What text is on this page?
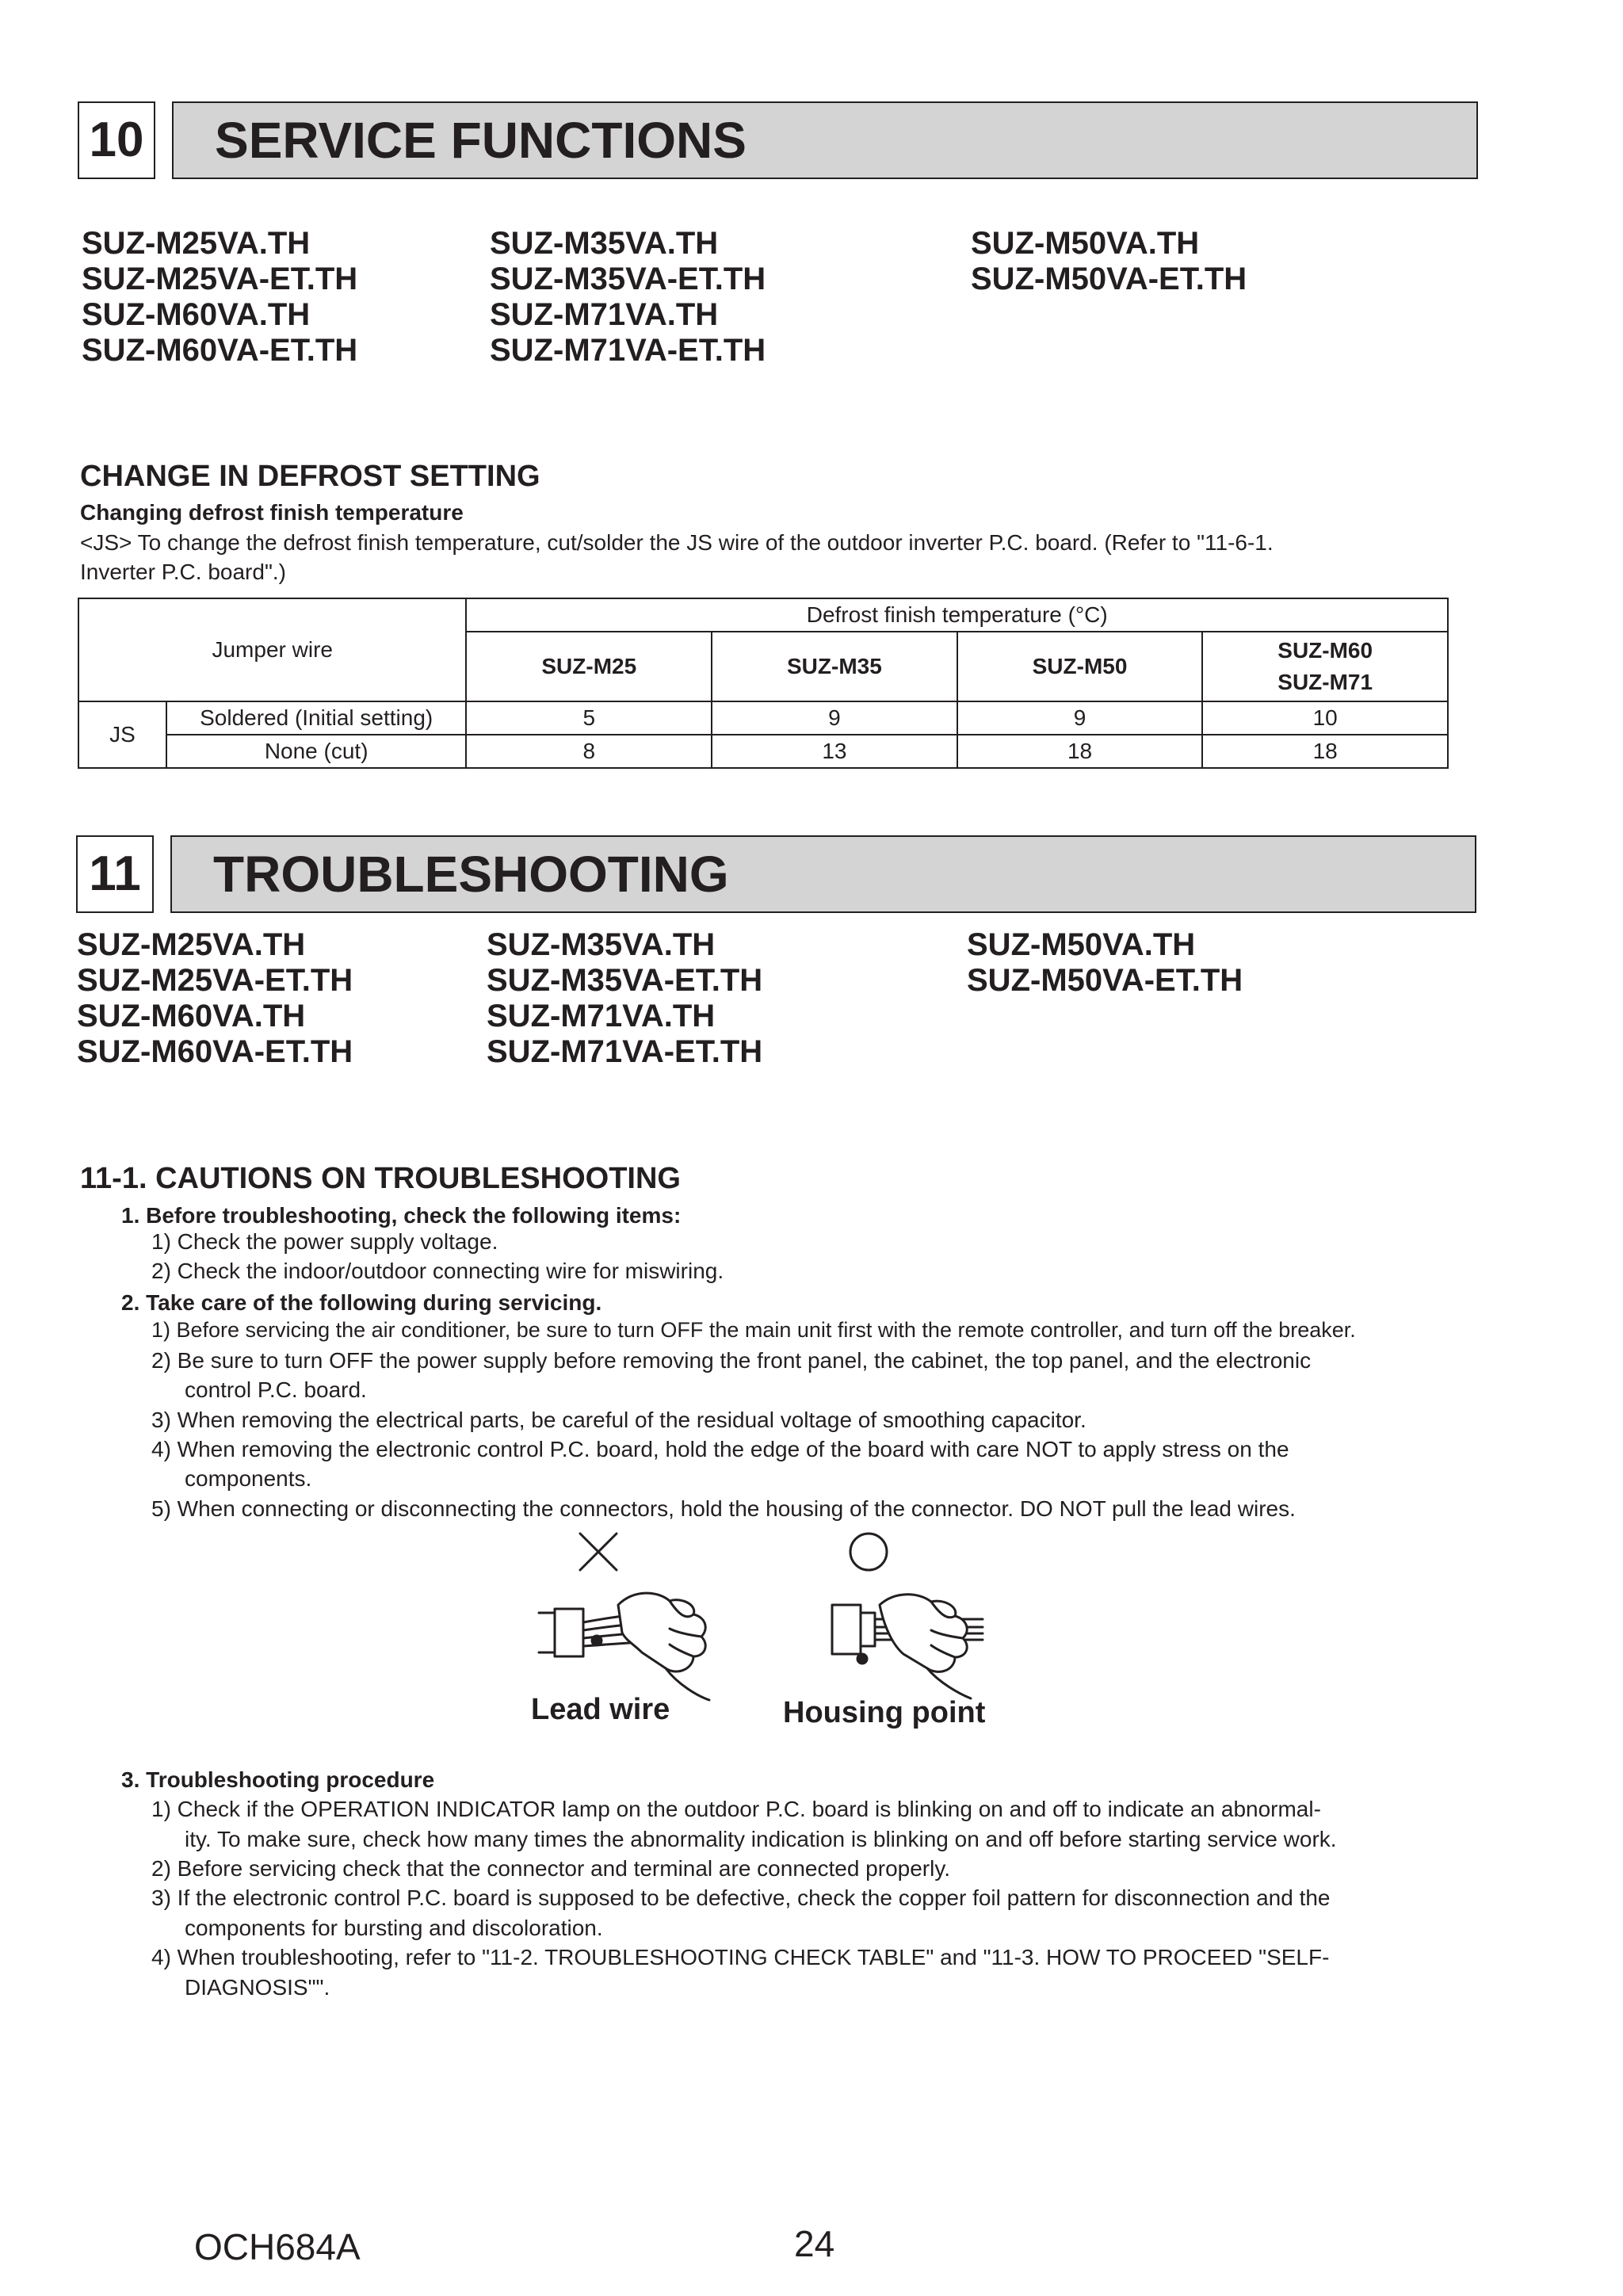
10	SERVICE FUNCTIONS
SUZ-M25VA.TH
SUZ-M25VA-ET.TH
SUZ-M60VA.TH
SUZ-M60VA-ET.TH
SUZ-M35VA.TH
SUZ-M35VA-ET.TH
SUZ-M71VA.TH
SUZ-M71VA-ET.TH
SUZ-M50VA.TH
SUZ-M50VA-ET.TH
CHANGE IN DEFROST SETTING
Changing defrost finish temperature
<JS> To change the defrost finish temperature, cut/solder the JS wire of the outdoor inverter P.C. board. (Refer to "11-6-1.
Inverter P.C. board".)
Jumper wire		Defrost finish temperature (°C)			
		SUZ-M25	SUZ-M35	SUZ-M50	SUZ-M60
SUZ-M71

JS	Soldered (Initial setting)	5	9	9	10
	None (cut)	8	13	18	18
11	TROUBLESHOOTING
SUZ-M25VA.TH
SUZ-M25VA-ET.TH
SUZ-M60VA.TH
SUZ-M60VA-ET.TH
SUZ-M35VA.TH
SUZ-M35VA-ET.TH
SUZ-M71VA.TH
SUZ-M71VA-ET.TH
SUZ-M50VA.TH
SUZ-M50VA-ET.TH
11-1. CAUTIONS ON TROUBLESHOOTING
1. Before troubleshooting, check the following items:
1) Check the power supply voltage.
2) Check the indoor/outdoor connecting wire for miswiring.
2. Take care of the following during servicing.
1) Before servicing the air conditioner, be sure to turn OFF the main unit first with the remote controller, and turn off the breaker.
2) Be sure to turn OFF the power supply before removing the front panel, the cabinet, the top panel, and the electronic
control P.C. board.
3) When removing the electrical parts, be careful of the residual voltage of smoothing capacitor.
4) When removing the electronic control P.C. board, hold the edge of the board with care NOT to apply stress on the
components.
5) When connecting or disconnecting the connectors, hold the housing of the connector. DO NOT pull the lead wires.
Lead wire	Housing point
3. Troubleshooting procedure
1) Check if the OPERATION INDICATOR lamp on the outdoor P.C. board is blinking on and off to indicate an abnormal-
ity. To make sure, check how many times the abnormality indication is blinking on and off before starting service work.
2) Before servicing check that the connector and terminal are connected properly.
3) If the electronic control P.C. board is supposed to be defective, check the copper foil pattern for disconnection and the
components for bursting and discoloration.
4) When troubleshooting, refer to "11-2. TROUBLESHOOTING CHECK TABLE" and "11-3. HOW TO PROCEED "SELF-
DIAGNOSIS"".
OCH684A	24
